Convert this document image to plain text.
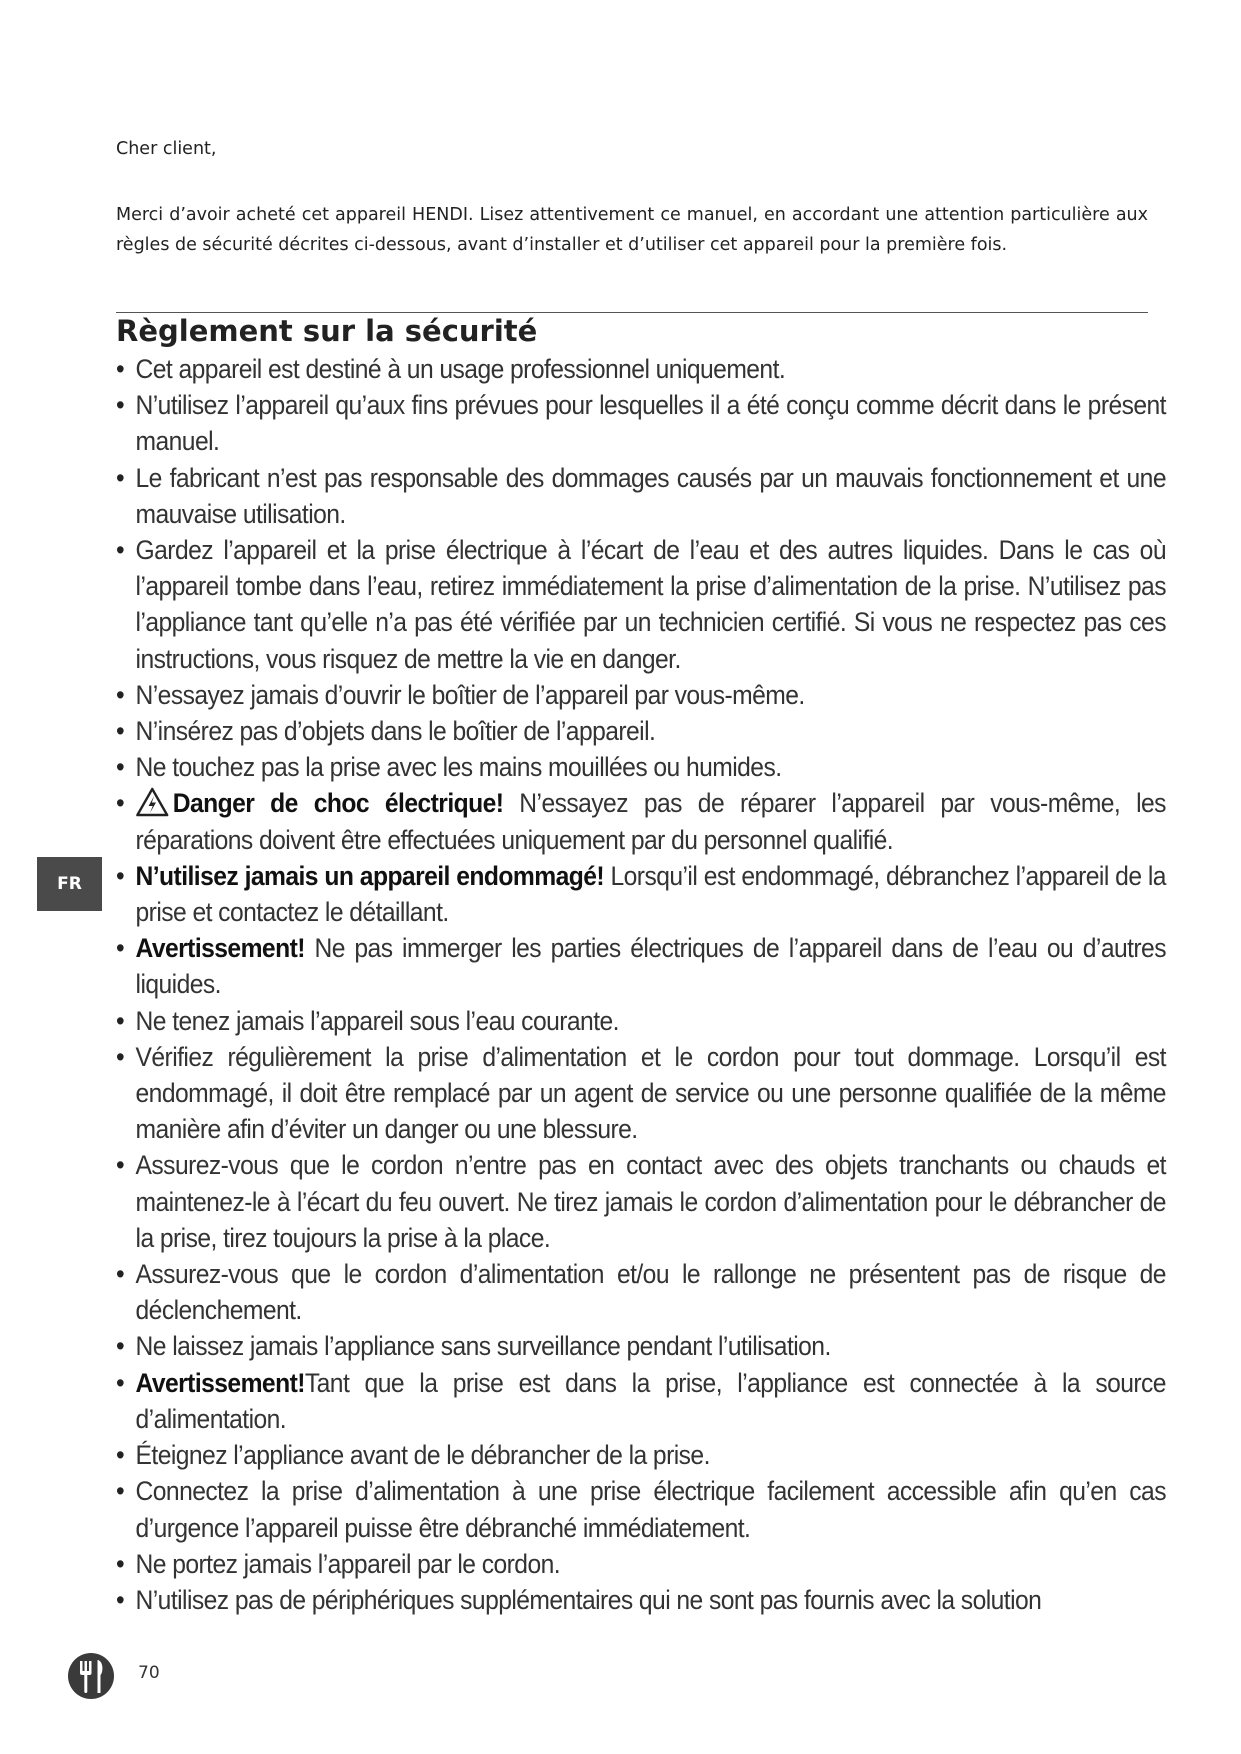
Cher client,
Merci d’avoir acheté cet appareil HENDI. Lisez attentivement ce manuel, en accordant une attention particulière aux règles de sécurité décrites ci-dessous, avant d’installer et d’utiliser cet appareil pour la première fois.
Règlement sur la sécurité
• Cet appareil est destiné à un usage professionnel uniquement.
• N’utilisez l’appareil qu’aux fins prévues pour lesquelles il a été conçu comme décrit dans le présent manuel.
• Le fabricant n’est pas responsable des dommages causés par un mauvais fonctionnement et une mauvaise utilisation.
• Gardez l’appareil et la prise électrique à l’écart de l’eau et des autres liquides. Dans le cas où l’appareil tombe dans l’eau, retirez immédiatement la prise d’alimentation de la prise. N’utilisez pas l’appliance tant qu’elle n’a pas été vérifiée par un technicien certifié. Si vous ne respectez pas ces instructions, vous risquez de mettre la vie en danger.
• N’essayez jamais d’ouvrir le boîtier de l’appareil par vous-même.
• N’insérez pas d’objets dans le boîtier de l’appareil.
• Ne touchez pas la prise avec les mains mouillées ou humides.
• Danger de choc électrique! N’essayez pas de réparer l’appareil par vous-même, les réparations doivent être effectuées uniquement par du personnel qualifié.
• N’utilisez jamais un appareil endommagé! Lorsqu’il est endommagé, débranchez l’appareil de la prise et contactez le détaillant.
• Avertissement! Ne pas immerger les parties électriques de l’appareil dans de l’eau ou d’autres liquides.
• Ne tenez jamais l’appareil sous l’eau courante.
• Vérifiez régulièrement la prise d’alimentation et le cordon pour tout dommage. Lorsqu’il est endommagé, il doit être remplacé par un agent de service ou une personne qualifiée de la même manière afin d’éviter un danger ou une blessure.
• Assurez-vous que le cordon n’entre pas en contact avec des objets tranchants ou chauds et maintenez-le à l’écart du feu ouvert. Ne tirez jamais le cordon d’alimentation pour le débrancher de la prise, tirez toujours la prise à la place.
• Assurez-vous que le cordon d’alimentation et/ou le rallonge ne présentent pas de risque de déclenchement.
• Ne laissez jamais l’appliance sans surveillance pendant l’utilisation.
• Avertissement!Tant que la prise est dans la prise, l’appliance est connectée à la source d’alimentation.
• Éteignez l’appliance avant de le débrancher de la prise.
• Connectez la prise d’alimentation à une prise électrique facilement accessible afin qu’en cas d’urgence l’appareil puisse être débranché immédiatement.
• Ne portez jamais l’appareil par le cordon.
• N’utilisez pas de périphériques supplémentaires qui ne sont pas fournis avec la solution
FR
70
